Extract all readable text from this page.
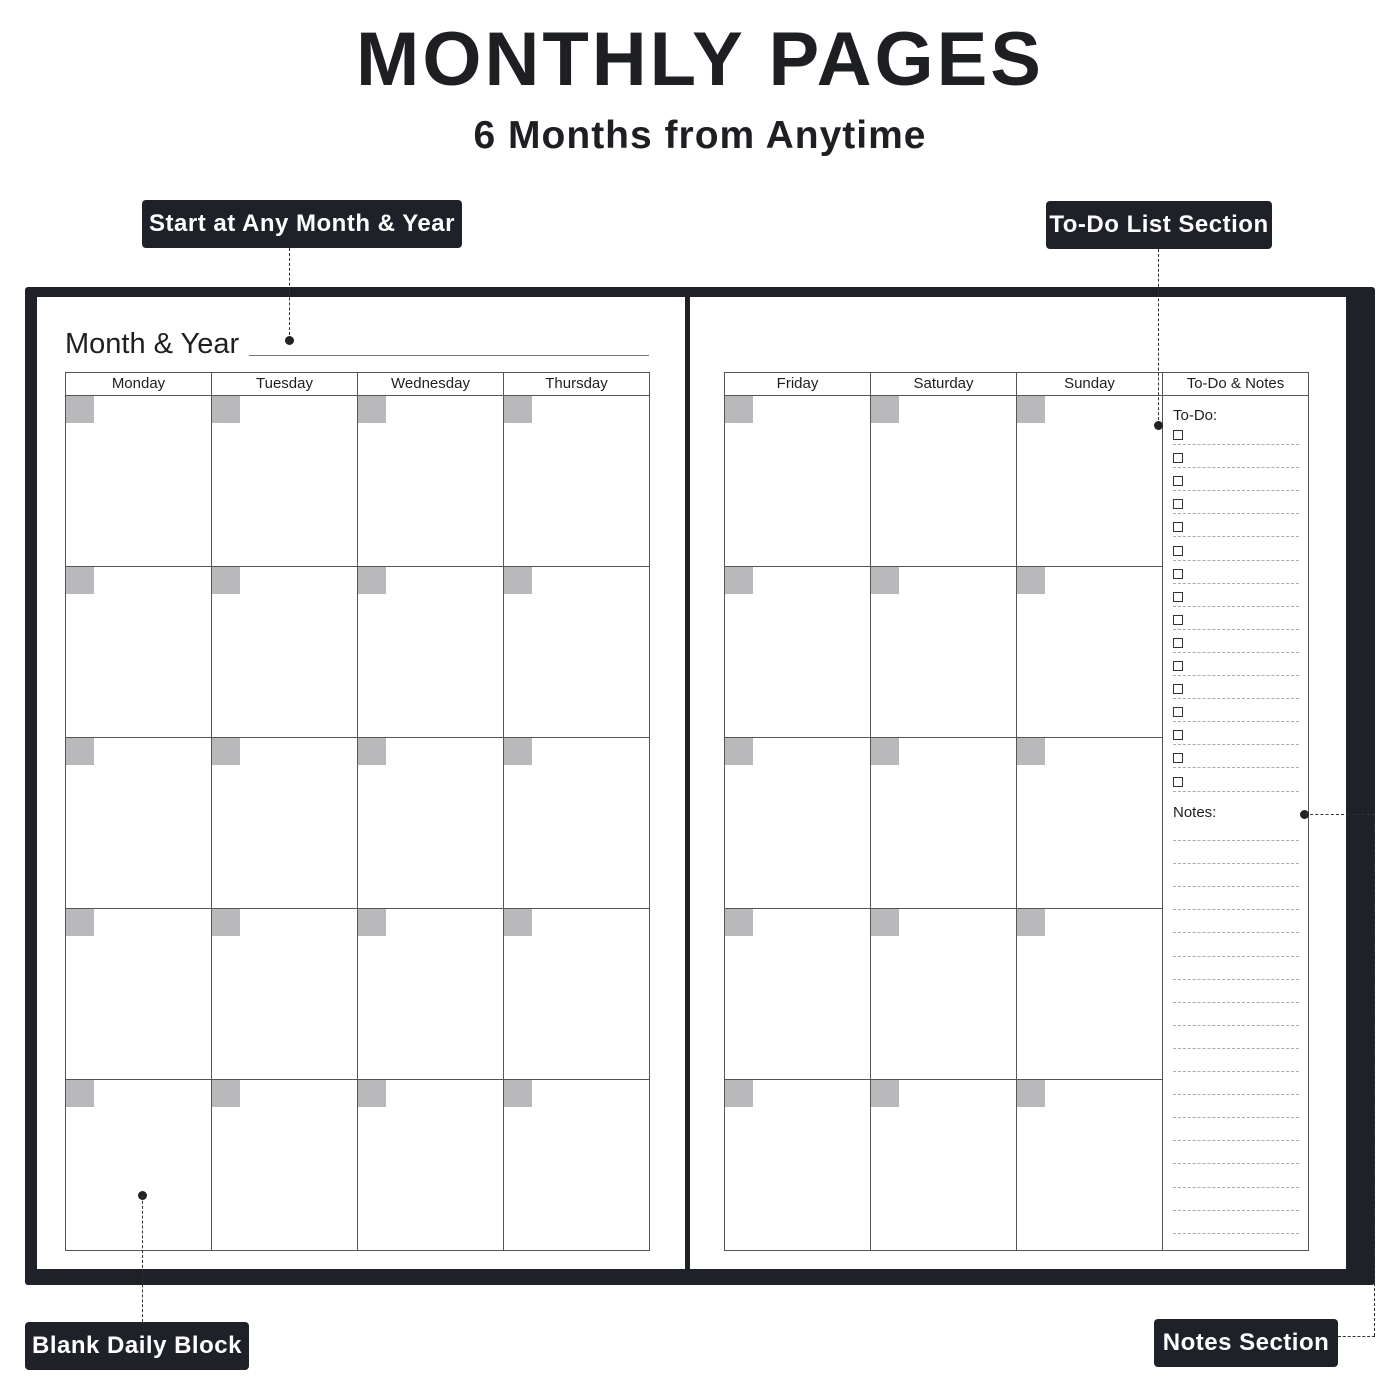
MONTHLY PAGES
6 Months from Anytime
Start at Any Month & Year	To-Do List Section
Month & Year
Monday	Tuesday	Wednesday	Thursday	Friday	Saturday	Sunday	To-Do & Notes
To-Do:
Notes:
Blank Daily Block	Notes Section
